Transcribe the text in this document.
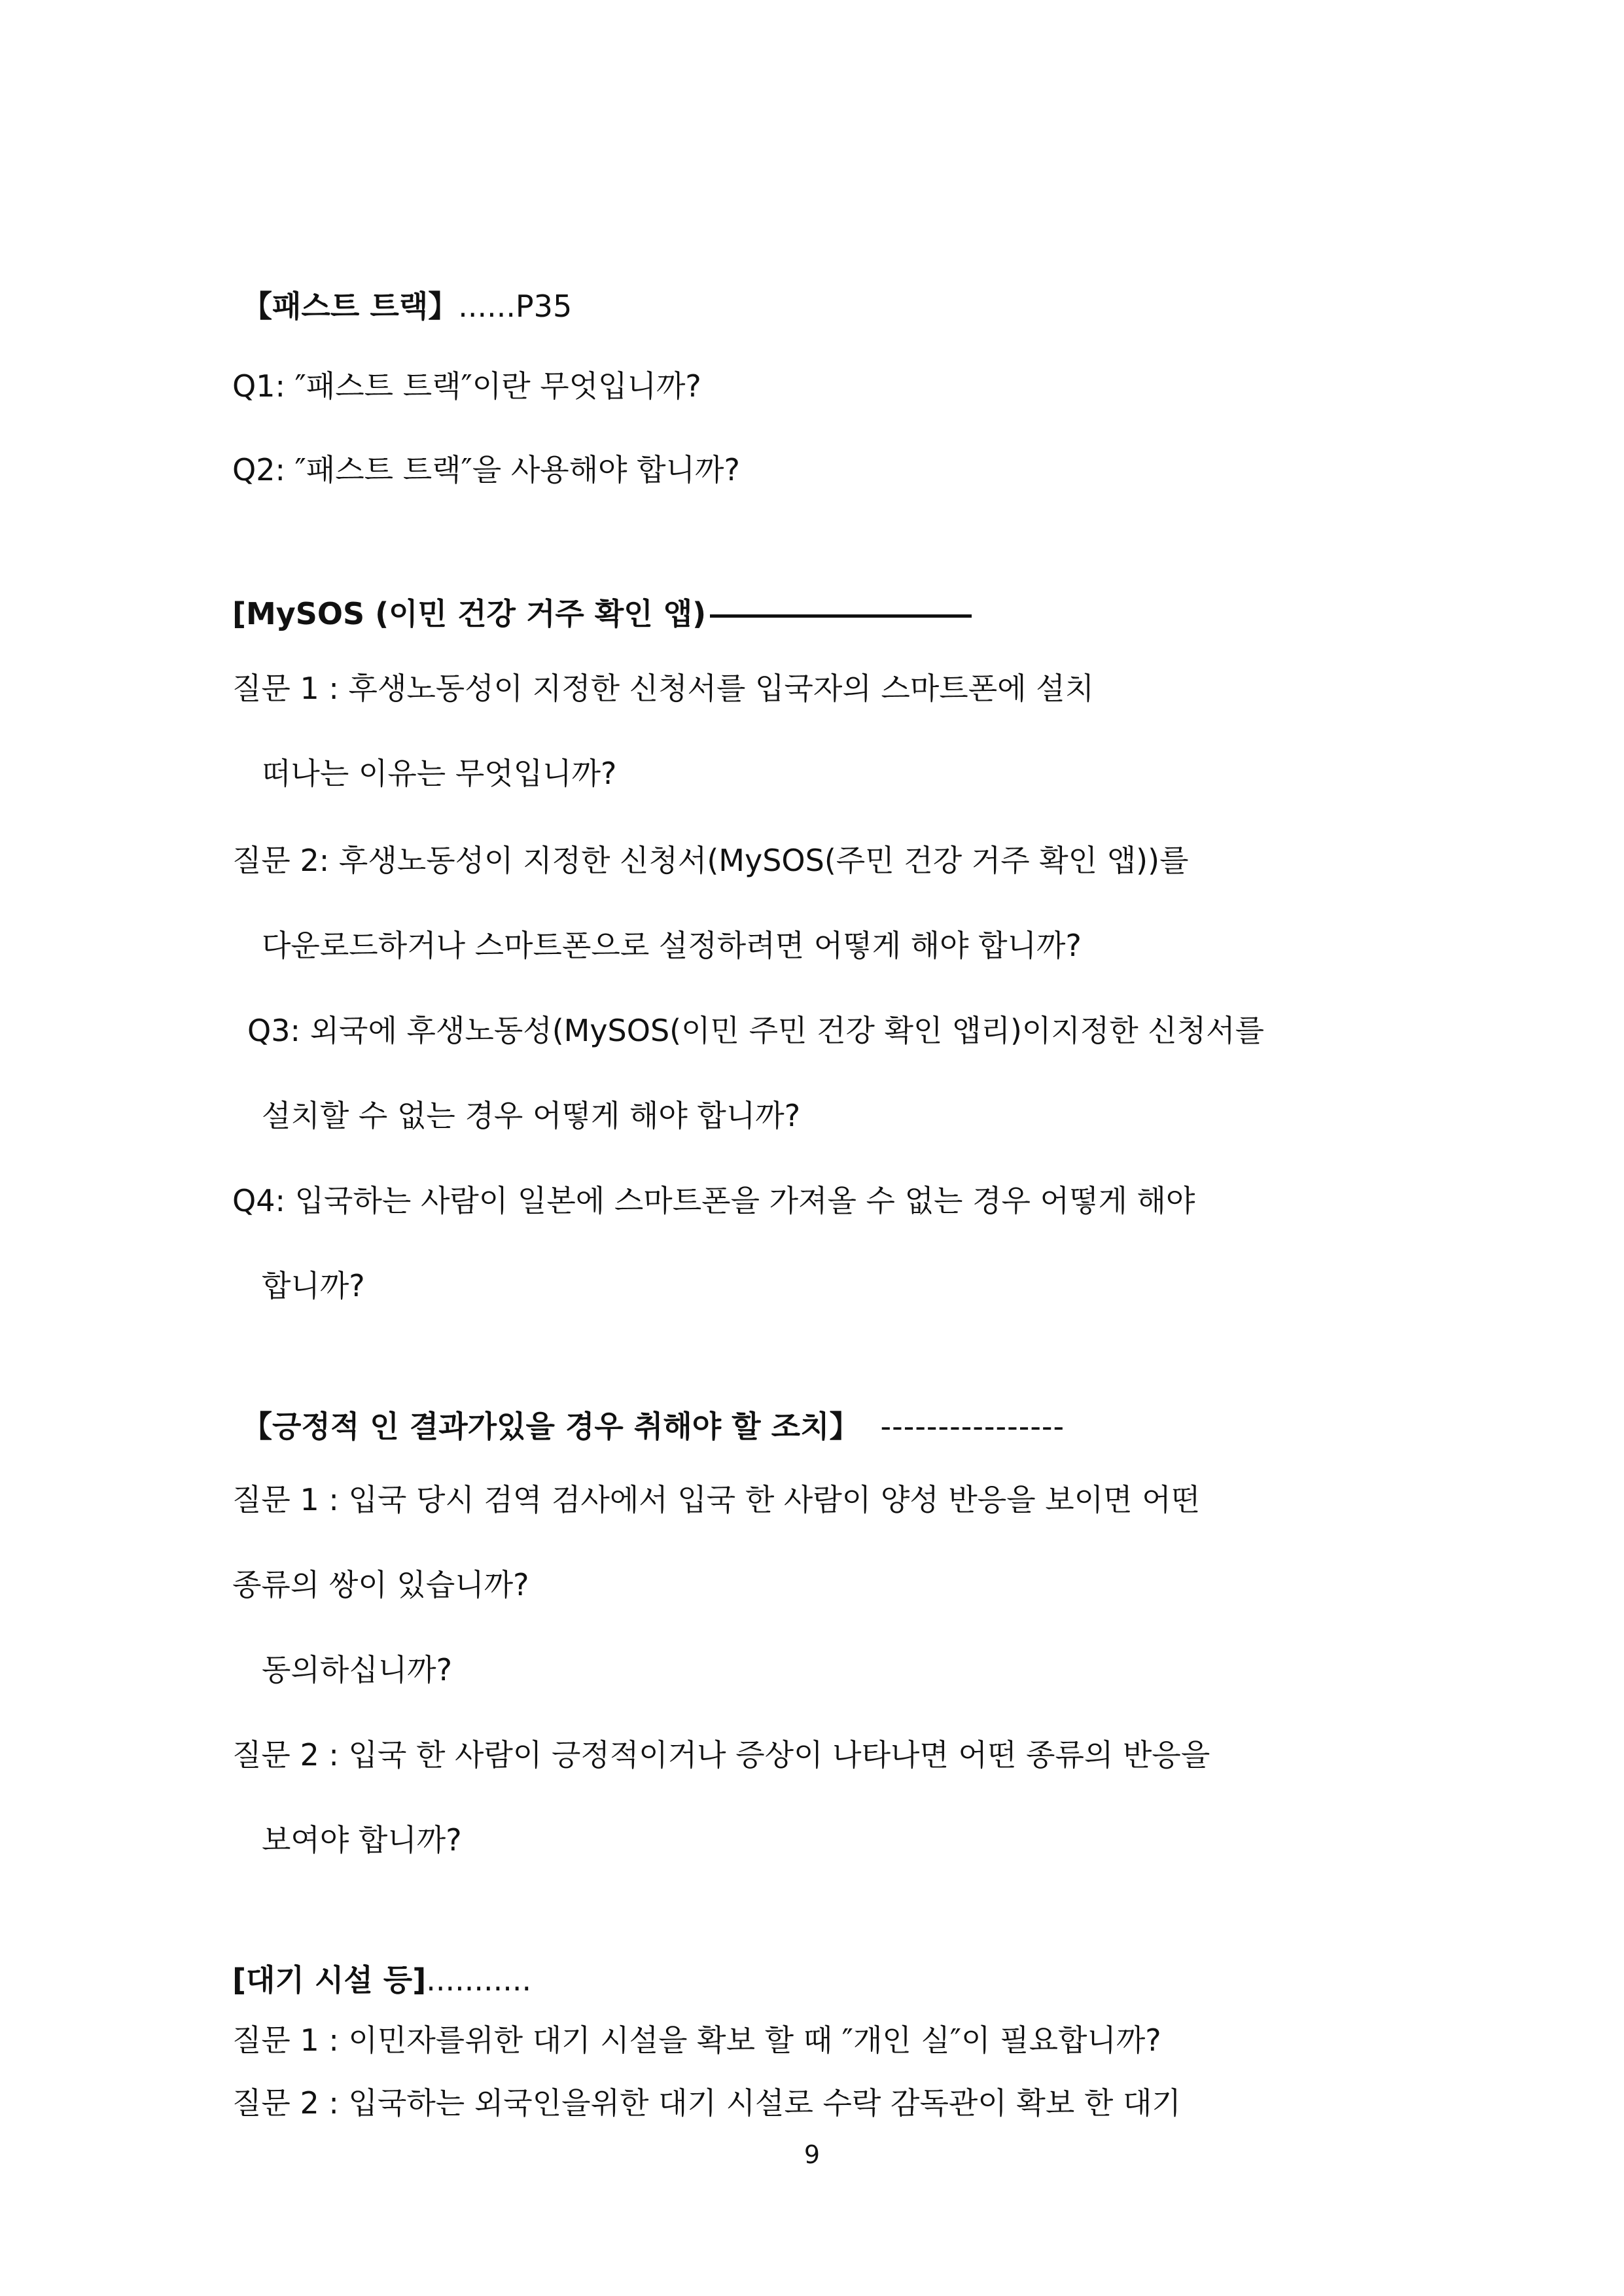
【패스트 트랙】......P35
Q1: ″패스트 트랙″이란 무엇입니까?
Q2: ″패스트 트랙″을 사용해야 합니까?
[MySOS (이민 건강 거주 확인 앱)
질문 1 : 후생노동성이 지정한 신청서를 입국자의 스마트폰에 설치
떠나는 이유는 무엇입니까?
질문 2: 후생노동성이 지정한 신청서(MySOS(주민 건강 거주 확인 앱))를
다운로드하거나 스마트폰으로 설정하려면 어떻게 해야 합니까?
Q3: 외국에 후생노동성(MySOS(이민 주민 건강 확인 앱리)이지정한 신청서를
설치할 수 없는 경우 어떻게 해야 합니까?
Q4: 입국하는 사람이 일본에 스마트폰을 가져올 수 없는 경우 어떻게 해야
합니까?
【긍정적 인 결과가있을 경우 취해야 할 조치】 ----------------
질문 1 : 입국 당시 검역 검사에서 입국 한 사람이 양성 반응을 보이면 어떤
종류의 쌍이 있습니까?
동의하십니까?
질문 2 : 입국 한 사람이 긍정적이거나 증상이 나타나면 어떤 종류의 반응을
보여야 합니까?
[대기 시설 등]...........
질문 1 : 이민자를위한 대기 시설을 확보 할 때 ″개인 실″이 필요합니까?
질문 2 : 입국하는 외국인을위한 대기 시설로 수락 감독관이 확보 한 대기
9
